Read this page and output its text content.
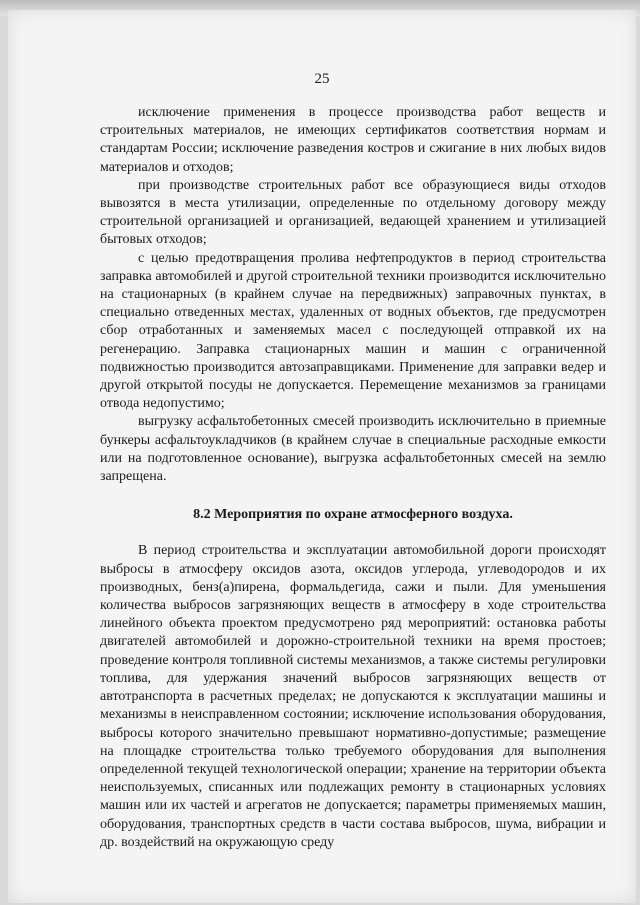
25

исключение применения в процессе производства работ веществ и строительных материалов, не имеющих сертификатов соответствия нормам и стандартам России; исключение разведения костров и сжигание в них любых видов материалов и отходов;

при производстве строительных работ все образующиеся виды отходов вывозятся в места утилизации, определенные по отдельному договору между строительной организацией и организацией, ведающей хранением и утилизацией бытовых отходов;

с целью предотвращения пролива нефтепродуктов в период строительства заправка автомобилей и другой строительной техники производится исключительно на стационарных (в крайнем случае на передвижных) заправочных пунктах, в специально отведенных местах, удаленных от водных объектов, где предусмотрен сбор отработанных и заменяемых масел с последующей отправкой их на регенерацию. Заправка стационарных машин и машин с ограниченной подвижностью производится автозаправщиками. Применение для заправки ведер и другой открытой посуды не допускается. Перемещение механизмов за границами отвода недопустимо;

выгрузку асфальтобетонных смесей производить исключительно в приемные бункеры асфальтоукладчиков (в крайнем случае в специальные расходные емкости или на подготовленное основание), выгрузка асфальтобетонных смесей на землю запрещена.

8.2 Мероприятия по охране атмосферного воздуха.

В период строительства и эксплуатации автомобильной дороги происходят выбросы в атмосферу оксидов азота, оксидов углерода, углеводородов и их производных, бенз(а)пирена, формальдегида, сажи и пыли. Для уменьшения количества выбросов загрязняющих веществ в атмосферу в ходе строительства линейного объекта проектом предусмотрено ряд мероприятий: остановка работы двигателей автомобилей и дорожно-строительной техники на время простоев; проведение контроля топливной системы механизмов, а также системы регулировки топлива, для удержания значений выбросов загрязняющих веществ от автотранспорта в расчетных пределах; не допускаются к эксплуатации машины и механизмы в неисправленном состоянии; исключение использования оборудования, выбросы которого значительно превышают нормативно-допустимые; размещение на площадке строительства только требуемого оборудования для выполнения определенной текущей технологической операции; хранение на территории объекта неиспользуемых, списанных или подлежащих ремонту в стационарных условиях машин или их частей и агрегатов не допускается; параметры применяемых машин, оборудования, транспортных средств в части состава выбросов, шума, вибрации и др. воздействий на окружающую среду
